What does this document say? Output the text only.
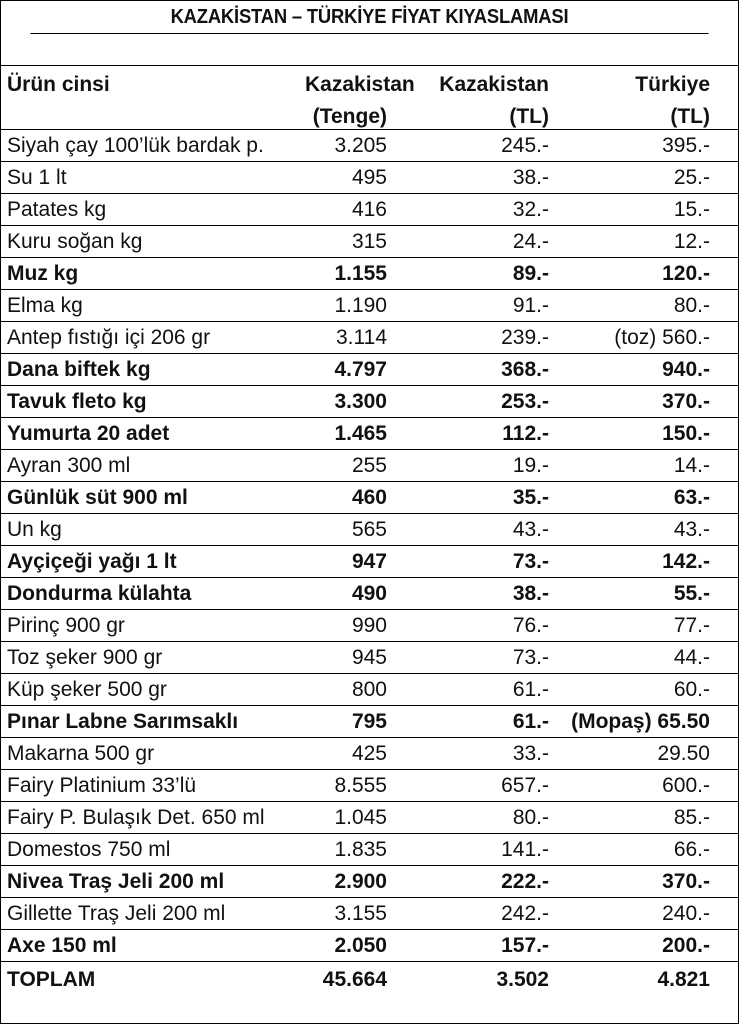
KAZAKİSTAN – TÜRKİYE FİYAT KIYASLAMASI
Ürün cinsi	Kazakistan	Kazakistan	Türkiye
	(Tenge)	(TL)	(TL)
Siyah çay 100’lük bardak p.	3.205	245.-	395.-
Su 1 lt	495	38.-	25.-
Patates kg	416	32.-	15.-
Kuru soğan kg	315	24.-	12.-
Muz kg	1.155	89.-	120.-
Elma kg	1.190	91.-	80.-
Antep fıstığı içi 206 gr	3.114	239.-	(toz) 560.-
Dana biftek kg	4.797	368.-	940.-
Tavuk fleto kg	3.300	253.-	370.-
Yumurta 20 adet	1.465	112.-	150.-
Ayran 300 ml	255	19.-	14.-
Günlük süt 900 ml	460	35.-	63.-
Un kg	565	43.-	43.-
Ayçiçeği yağı 1 lt	947	73.-	142.-
Dondurma külahta	490	38.-	55.-
Pirinç 900 gr	990	76.-	77.-
Toz şeker 900 gr	945	73.-	44.-
Küp şeker 500 gr	800	61.-	60.-
Pınar Labne Sarımsaklı	795	61.-	(Mopaş) 65.50
Makarna 500 gr	425	33.-	29.50
Fairy Platinium 33’lü	8.555	657.-	600.-
Fairy P. Bulaşık Det. 650 ml	1.045	80.-	85.-
Domestos 750 ml	1.835	141.-	66.-
Nivea Traş Jeli 200 ml	2.900	222.-	370.-
Gillette Traş Jeli 200 ml	3.155	242.-	240.-
Axe 150 ml	2.050	157.-	200.-
TOPLAM	45.664	3.502	4.821
